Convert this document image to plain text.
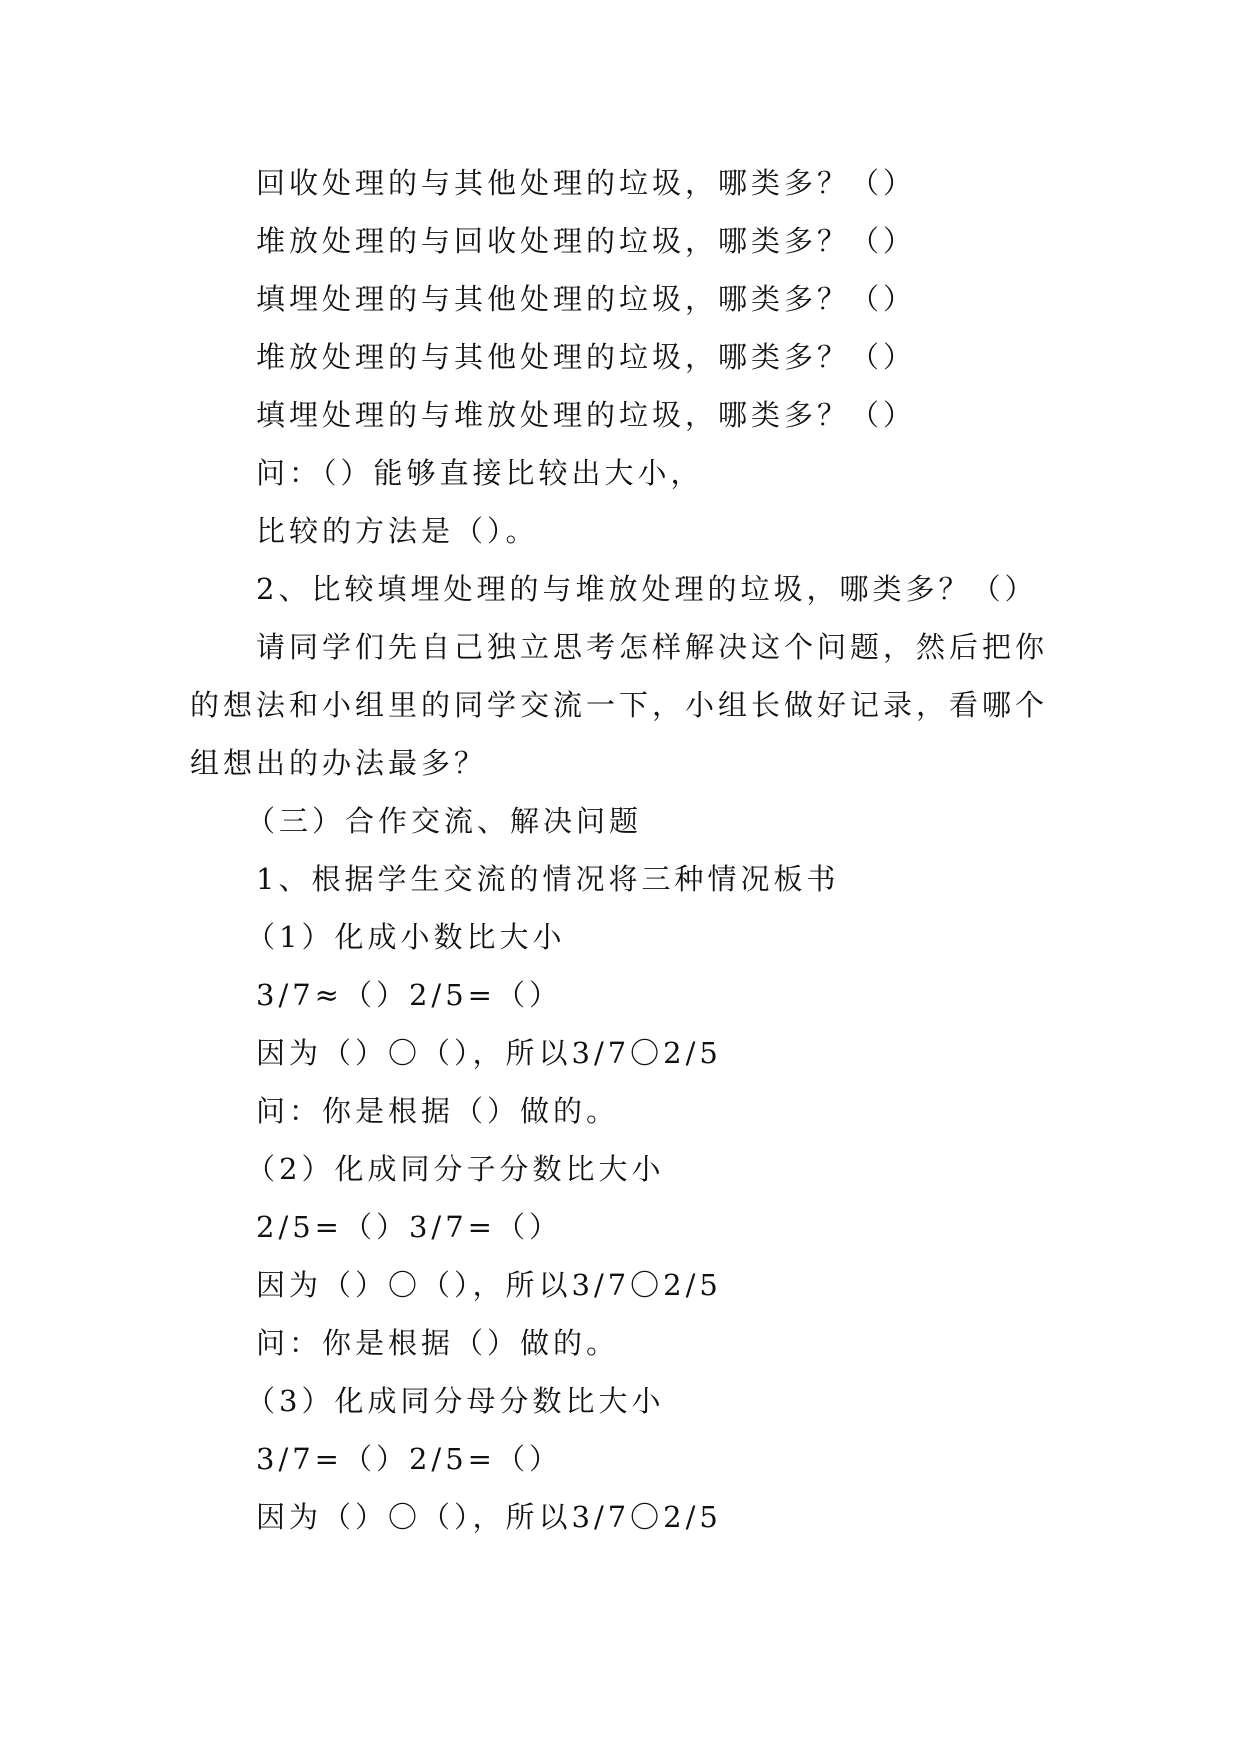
回收处理的与其他处理的垃圾，哪类多？（）
堆放处理的与回收处理的垃圾，哪类多？（）
填埋处理的与其他处理的垃圾，哪类多？（）
堆放处理的与其他处理的垃圾，哪类多？（）
填埋处理的与堆放处理的垃圾，哪类多？（）
问：（）能够直接比较出大小，
比较的方法是（）。
2、比较填埋处理的与堆放处理的垃圾，哪类多？（）
请同学们先自己独立思考怎样解决这个问题，然后把你
的想法和小组里的同学交流一下，小组长做好记录，看哪个
组想出的办法最多？
（三）合作交流、解决问题
1、根据学生交流的情况将三种情况板书
（1）化成小数比大小
3/7≈（）2/5=（）
因为（）〇（），所以3/7〇2/5
问：你是根据（）做的。
（2）化成同分子分数比大小
2/5=（）3/7=（）
因为（）〇（），所以3/7〇2/5
问：你是根据（）做的。
（3）化成同分母分数比大小
3/7=（）2/5=（）
因为（）〇（），所以3/7〇2/5
